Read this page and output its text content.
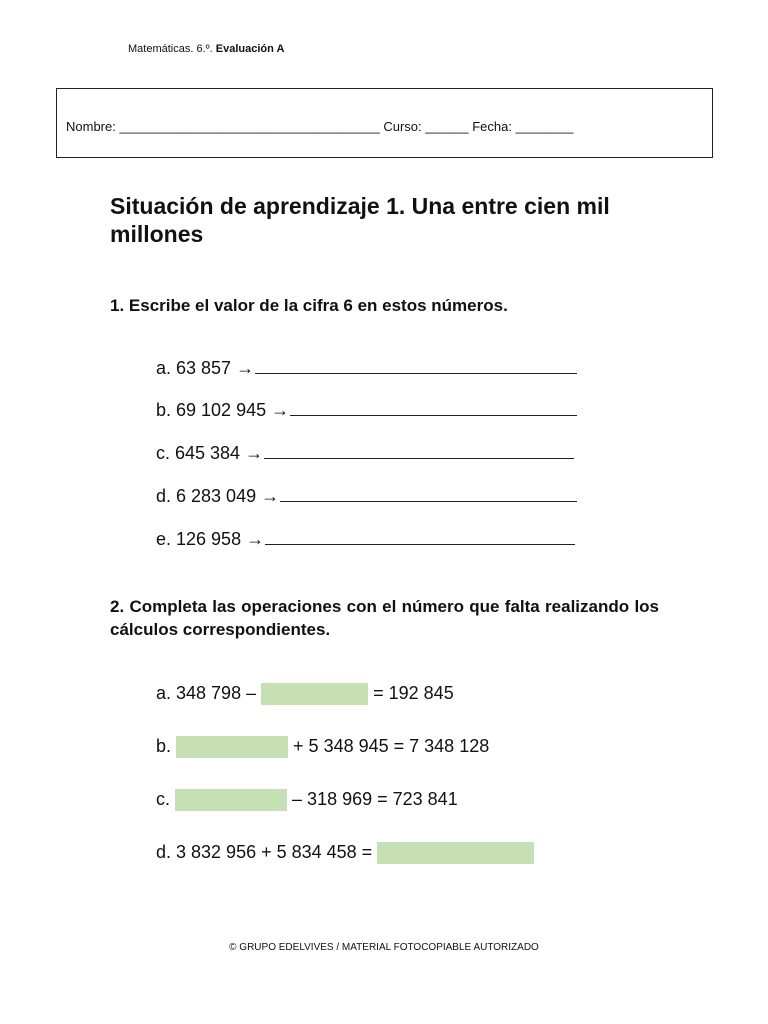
Matemáticas. 6.º. Evaluación A
Nombre: ____________________________________ Curso: ______ Fecha: ________
Situación de aprendizaje 1. Una entre cien mil millones
1. Escribe el valor de la cifra 6 en estos números.
a. 63 857 →
b. 69 102 945 →
c. 645 384 →
d. 6 283 049 →
e. 126 958 →
2. Completa las operaciones con el número que falta realizando los cálculos correspondientes.
a. 348 798 –	= 192 845
b.	+ 5 348 945 = 7 348 128
c.	– 318 969 = 723 841
d. 3 832 956 + 5 834 458 =
© GRUPO EDELVIVES / MATERIAL FOTOCOPIABLE AUTORIZADO
